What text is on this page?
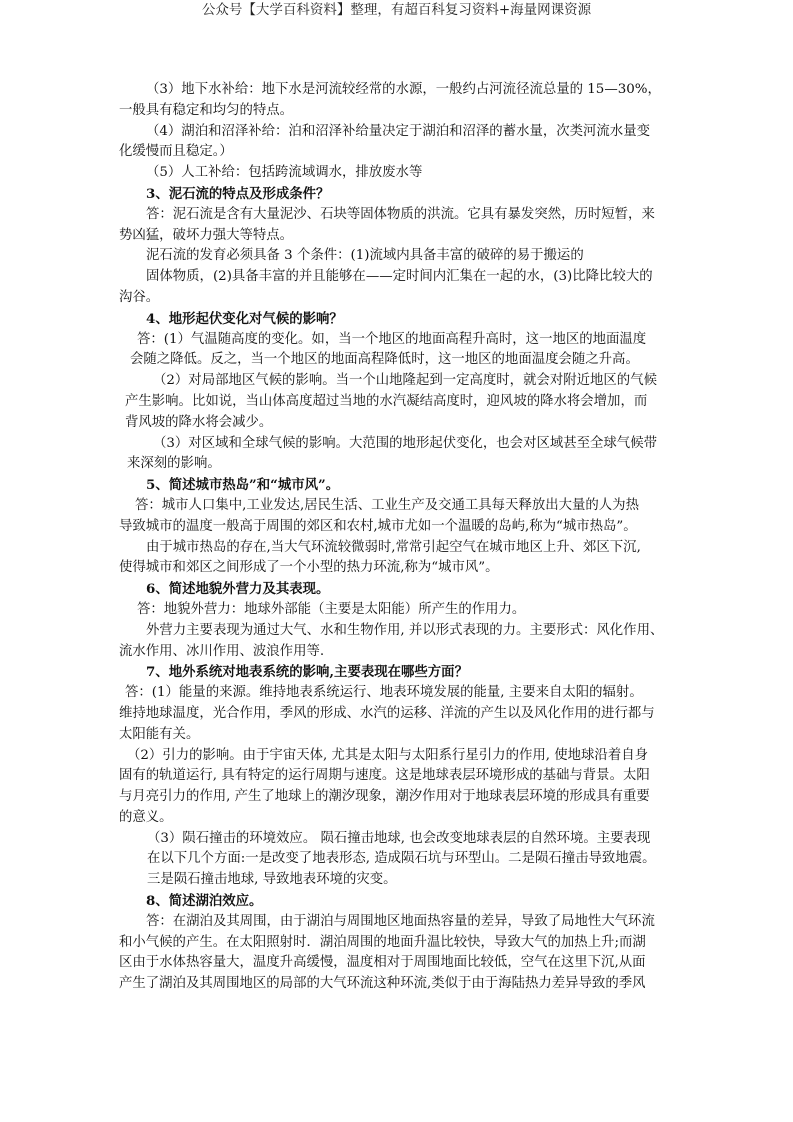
公众号【大学百科资料】整理，有超百科复习资料+海量网课资源

（3）地下水补给：地下水是河流较经常的水源，一般约占河流径流总量的 15—30%，

一般具有稳定和均匀的特点。

（4）湖泊和沼泽补给：泊和沼泽补给量决定于湖泊和沼泽的蓄水量，次类河流水量变

化缓慢而且稳定。）

（5）人工补给：包括跨流域调水，排放废水等

3、泥石流的特点及形成条件？

答：泥石流是含有大量泥沙、石块等固体物质的洪流。它具有暴发突然，历时短暂，来

势凶猛，破坏力强大等特点。

泥石流的发育必须具备 3 个条件：(1)流域内具备丰富的破碎的易于搬运的

固体物质，(2)具备丰富的并且能够在——定时间内汇集在一起的水，(3)比降比较大的

沟谷。

4、地形起伏变化对气候的影响？

答：(1）气温随高度的变化。如，当一个地区的地面高程升高时，这一地区的地面温度

会随之降低。反之，当一个地区的地面高程降低时，这一地区的地面温度会随之升高。

（2）对局部地区气候的影响。当一个山地隆起到一定高度时，就会对附近地区的气候

产生影响。比如说，当山体高度超过当地的水汽凝结高度时，迎风坡的降水将会增加，而

背风坡的降水将会减少。

（3）对区域和全球气候的影响。大范围的地形起伏变化，也会对区域甚至全球气候带

来深刻的影响。

5、简述城市热岛”和“城市风”。

答：城市人口集中,工业发达,居民生活、工业生产及交通工具每天释放出大量的人为热

导致城市的温度一般高于周围的郊区和农村,城市尤如一个温暖的岛屿,称为“城市热岛”。

由于城市热岛的存在,当大气环流较微弱时,常常引起空气在城市地区上升、郊区下沉,

使得城市和郊区之间形成了一个小型的热力环流,称为“城市风”。

6、简述地貌外营力及其表现。

答：地貌外营力：地球外部能（主要是太阳能）所产生的作用力。

外营力主要表现为通过大气、水和生物作用, 并以形式表现的力。主要形式：风化作用、

流水作用、冰川作用、波浪作用等.

7、地外系统对地表系统的影响,主要表现在哪些方面？

答：(1）能量的来源。维持地表系统运行、地表环境发展的能量, 主要来自太阳的辐射。

维持地球温度，光合作用，季风的形成、水汽的运移、洋流的产生以及风化作用的进行都与

太阳能有关。

（2）引力的影响。由于宇宙天体, 尤其是太阳与太阳系行星引力的作用, 使地球沿着自身

固有的轨道运行, 具有特定的运行周期与速度。这是地球表层环境形成的基础与背景。太阳

与月亮引力的作用, 产生了地球上的潮汐现象，潮汐作用对于地球表层环境的形成具有重要

的意义。

（3）陨石撞击的环境效应。 陨石撞击地球, 也会改变地球表层的自然环境。主要表现

在以下几个方面:一是改变了地表形态, 造成陨石坑与环型山。二是陨石撞击导致地震。

三是陨石撞击地球, 导致地表环境的灾变。

8、简述湖泊效应。

答：在湖泊及其周围，由于湖泊与周围地区地面热容量的差异，导致了局地性大气环流

和小气候的产生。在太阳照射时．湖泊周围的地面升温比较快，导致大气的加热上升;而湖

区由于水体热容量大，温度升高缓慢，温度相对于周围地面比较低，空气在这里下沉,从面

产生了湖泊及其周围地区的局部的大气环流这种环流,类似于由于海陆热力差异导致的季风
